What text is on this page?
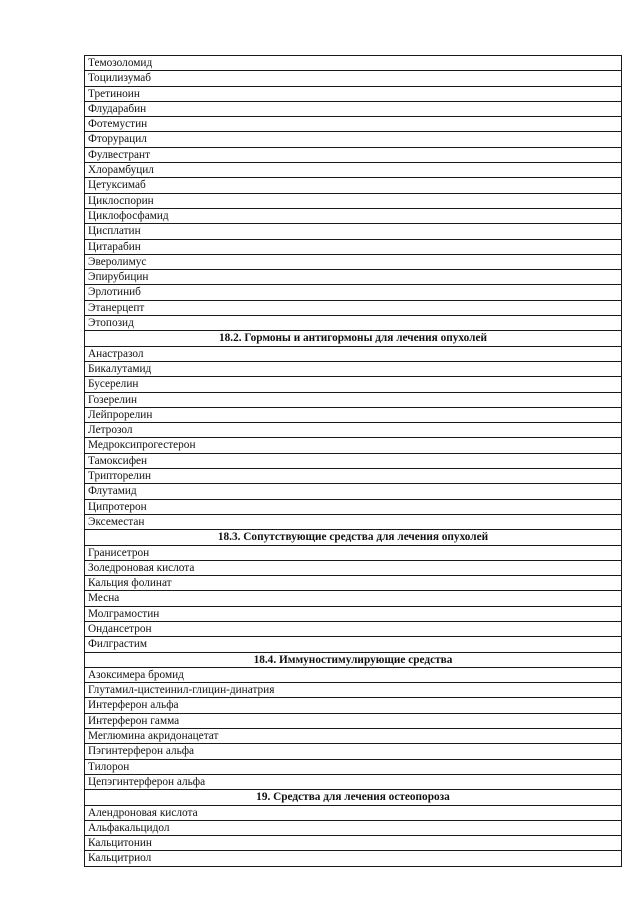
Темозоломид
Тоцилизумаб
Третиноин
Флударабин
Фотемустин
Фторурацил
Фулвестрант
Хлорамбуцил
Цетуксимаб
Циклоспорин
Циклофосфамид
Цисплатин
Цитарабин
Эверолимус
Эпирубицин
Эрлотиниб
Этанерцепт
Этопозид
18.2. Гормоны и антигормоны для лечения опухолей
Анастразол
Бикалутамид
Бусерелин
Гозерелин
Лейпрорелин
Летрозол
Медроксипрогестерон
Тамоксифен
Трипторелин
Флутамид
Ципротерон
Эксеместан
18.3. Сопутствующие средства для лечения опухолей
Гранисетрон
Золедроновая кислота
Кальция фолинат
Месна
Молграмостин
Ондансетрон
Филграстим
18.4. Иммуностимулирующие средства
Азоксимера бромид
Глутамил-цистеинил-глицин-динатрия
Интерферон альфа
Интерферон гамма
Меглюмина акридонацетат
Пэгинтерферон альфа
Тилорон
Цепэгинтерферон альфа
19. Средства для лечения остеопороза
Алендроновая кислота
Альфакальцидол
Кальцитонин
Кальцитриол
